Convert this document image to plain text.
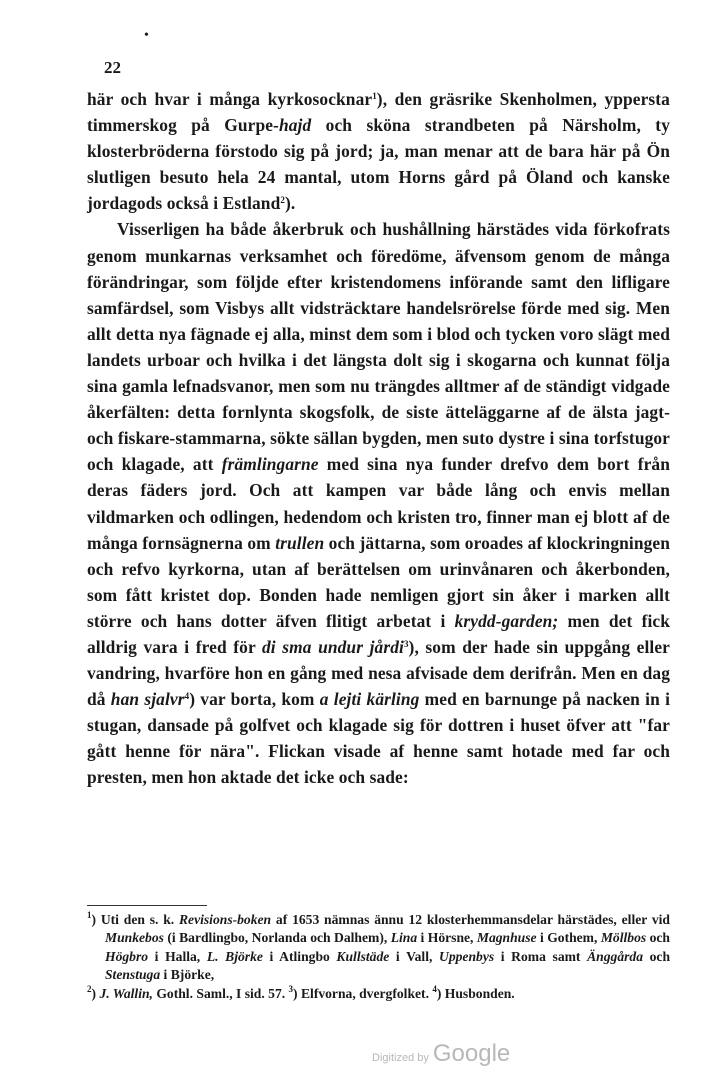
•
22

här och hvar i många kyrkosocknar$^1$), den gräsrike Skenholmen, yppersta timmerskog på Gurpe-hajd och sköna strandbeten på Närsholm, ty klosterbröderna förstodo sig på jord; ja, man menar att de bara här på Ön slutligen besuto hela 24 mantal, utom Horns gård på Öland och kanske jordagods också i Estland$^2$).

Visserligen ha både åkerbruk och hushållning härstädes vida förkofrats genom munkarnas verksamhet och föredöme, äfvensom genom de många förändringar, som följde efter kristendomens införande samt den lifligare samfärdsel, som Visbys allt vidsträcktare handelsrörelse förde med sig. Men allt detta nya fägnade ej alla, minst dem som i blod och tycken voro slägt med landets urboar och hvilka i det längsta dolt sig i skogarna och kunnat följa sina gamla lefnadsvanor, men som nu trängdes alltmer af de ständigt vidgade åkerfälten: detta fornlynta skogsfolk, de siste ätteläggarne af de älsta jagt- och fiskare-stammarna, sökte sällan bygden, men suto dystre i sina torfstugor och klagade, att främlingarne med sina nya funder drefvo dem bort från deras fäders jord. Och att kampen var både lång och envis mellan vildmarken och odlingen, hedendom och kristen tro, finner man ej blott af de många fornsägnerna om trullen och jättarna, som oroades af klockringningen och refvo kyrkorna, utan af berättelsen om urinvånaren och åkerbonden, som fått kristet dop. Bonden hade nemligen gjort sin åker i marken allt större och hans dotter äfven flitigt arbetat i krydd-garden; men det fick alldrig vara i fred för di sma undur jårdi$^3$), som der hade sin uppgång eller vandring, hvarföre hon en gång med nesa afvisade dem derifrån. Men en dag då han sjalvr$^4$) var borta, kom a lejti kärling med en barnunge på nacken in i stugan, dansade på golfvet och klagade sig för dottren i huset öfver att "far gått henne för nära". Flickan visade af henne samt hotade med far och presten, men hon aktade det icke och sade:

$^1$) Uti den s. k. Revisions-boken af 1653 nämnas ännu 12 klosterhemmansdelar härstädes, eller vid Munkebos (i Bardlingbo, Norlanda och Dalhem), Lina i Hörsne, Magnhuse i Gothem, Möllbos och Högbro i Halla, L. Björke i Atlingbo Kullstäde i Vall, Uppenbys i Roma samt Änggårda och Stenstuga i Björke,

$^2$) J. Wallin, Gothl. Saml., I sid. 57. $^3$) Elfvorna, dvergfolket. $^4$) Husbonden.

Digitized by Google
